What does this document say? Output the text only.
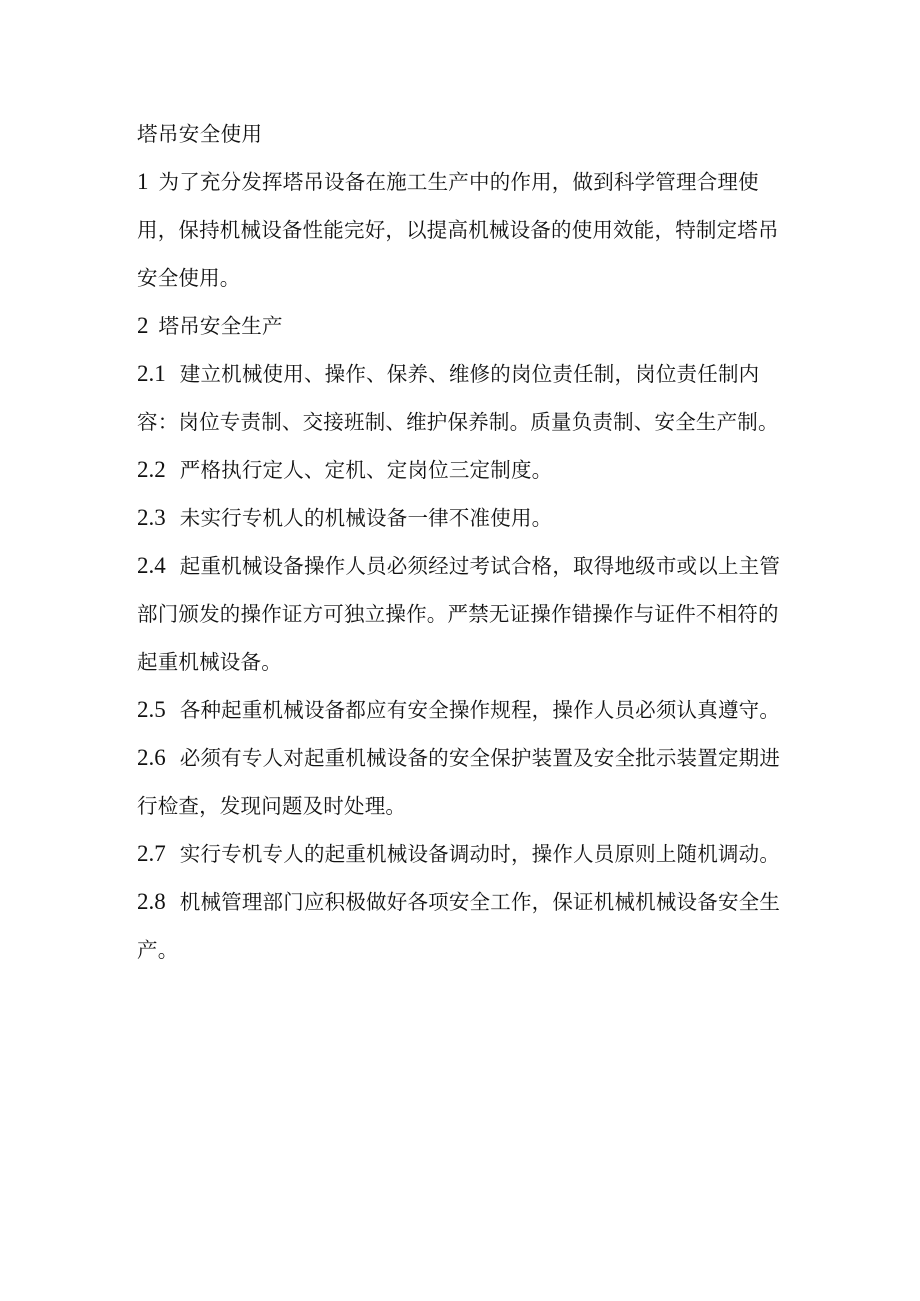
塔吊安全使用

1 为了充分发挥塔吊设备在施工生产中的作用，做到科学管理合理使用，保持机械设备性能完好，以提高机械设备的使用效能，特制定塔吊安全使用。

2 塔吊安全生产

2.1 建立机械使用、操作、保养、维修的岗位责任制，岗位责任制内容：岗位专责制、交接班制、维护保养制。质量负责制、安全生产制。

2.2 严格执行定人、定机、定岗位三定制度。

2.3 未实行专机人的机械设备一律不准使用。

2.4 起重机械设备操作人员必须经过考试合格，取得地级市或以上主管部门颁发的操作证方可独立操作。严禁无证操作错操作与证件不相符的起重机械设备。

2.5 各种起重机械设备都应有安全操作规程，操作人员必须认真遵守。

2.6 必须有专人对起重机械设备的安全保护装置及安全批示装置定期进行检查，发现问题及时处理。

2.7 实行专机专人的起重机械设备调动时，操作人员原则上随机调动。

2.8 机械管理部门应积极做好各项安全工作，保证机械机械设备安全生产。
